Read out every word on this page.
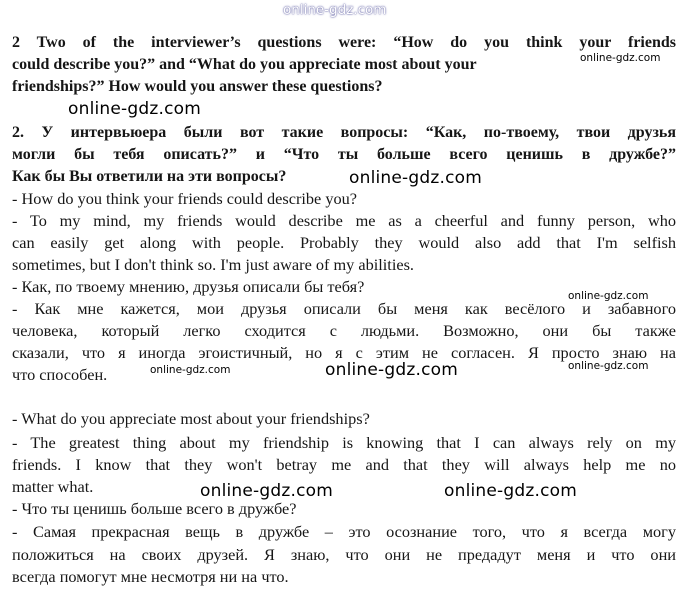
online-gdz.com

2 Two of the interviewer’s questions were: “How do you think your friends

could describe you?” and “What do you appreciate most about your

friendships?” How would you answer these questions?

2. У интервьюера были вот такие вопросы: “Как, по-твоему, твои друзья

могли бы тебя описать?” и “Что ты больше всего ценишь в дружбе?”

Как бы Вы ответили на эти вопросы?

- How do you think your friends could describe you?

- To my mind, my friends would describe me as a cheerful and funny person, who

can easily get along with people. Probably they would also add that I'm selfish

sometimes, but I don't think so. I'm just aware of my abilities.

- Как, по твоему мнению, друзья описали бы тебя?

- Как мне кажется, мои друзья описали бы меня как весёлого и забавного

человека, который легко сходится с людьми. Возможно, они бы также

сказали, что я иногда эгоистичный, но я с этим не согласен. Я просто знаю на

что способен.

- What do you appreciate most about your friendships?

- The greatest thing about my friendship is knowing that I can always rely on my

friends. I know that they won't betray me and that they will always help me no

matter what.

- Что ты ценишь больше всего в дружбе?

- Самая прекрасная вещь в дружбе – это осознание того, что я всегда могу

положиться на своих друзей. Я знаю, что они не предадут меня и что они

всегда помогут мне несмотря ни на что.

online-gdz.com
online-gdz.com
online-gdz.com
online-gdz.com
online-gdz.com
online-gdz.com	online-gdz.com
online-gdz.com	online-gdz.com
